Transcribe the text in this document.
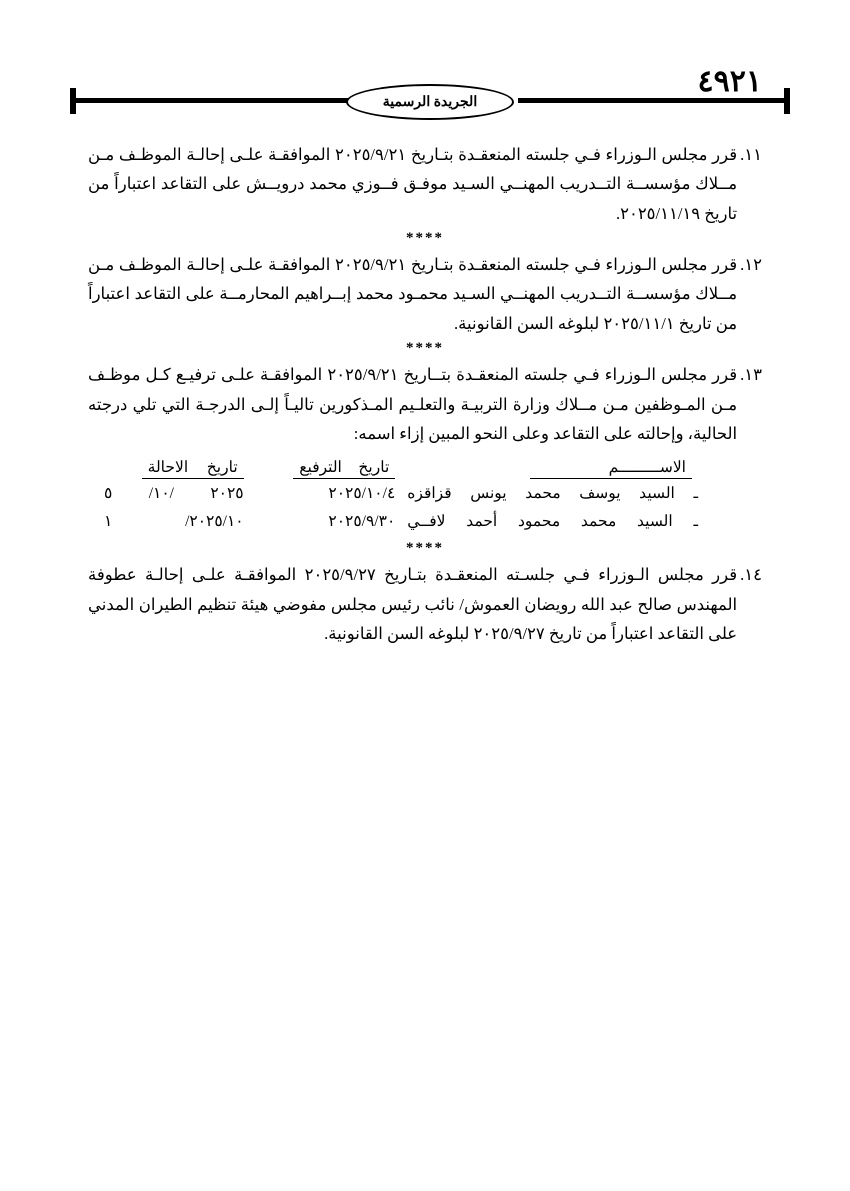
٤٩٢١
الجريدة الرسمية
١١.
قرر مجلس الـوزراء فـي جلسته المنعقـدة بتـاريخ ٢٠٢٥/٩/٢١ الموافقـة علـى إحالـة الموظـف مـن مــلاك مؤسســة التــدريب المهنــي السـيد موفـق فــوزي محمد درويــش على التقاعد اعتباراً من تاريخ ٢٠٢٥/١١/١٩.
****
١٢.
قرر مجلس الـوزراء فـي جلسته المنعقـدة بتـاريخ ٢٠٢٥/٩/٢١ الموافقـة علـى إحالـة الموظـف مـن مــلاك مؤسســة التــدريب المهنــي السـيد محمـود محمد إبــراهيم المحارمــة على التقاعد اعتباراً من تاريخ ٢٠٢٥/١١/١ لبلوغه السن القانونية.
****
١٣.
قرر مجلس الـوزراء فـي جلسته المنعقـدة بتــاريخ ٢٠٢٥/٩/٢١ الموافقـة علـى ترفيـع كـل موظـف مـن المـوظفين مـن مــلاك وزارة التربيـة والتعلـيم المـذكورين تاليـاً إلـى الدرجـة التي تلي درجته الحالية، وإحالته على التقاعد وعلى النحو المبين إزاء اسمه:
الاســـــــــم	تاريخ الترفيع	تاريخ الاحالة
ـ السيد يوسف محمد يونس قزاقزه	٢٠٢٥/١٠/٤	٢٠٢٥ /١٠/ ٥
ـ السيد محمد محمود أحمد لافــي	٢٠٢٥/٩/٣٠	٢٠٢٥/١٠/ ١
****
١٤.
قرر مجلس الـوزراء فـي جلسـته المنعقـدة بتـاريخ ٢٠٢٥/٩/٢٧ الموافقـة علـى إحالـة عطوفة المهندس صالح عبد الله رويضان العموش/ نائب رئيس مجلس مفوضي هيئة تنظيم الطيران المدني على التقاعد اعتباراً من تاريخ ٢٠٢٥/٩/٢٧ لبلوغه السن القانونية.
